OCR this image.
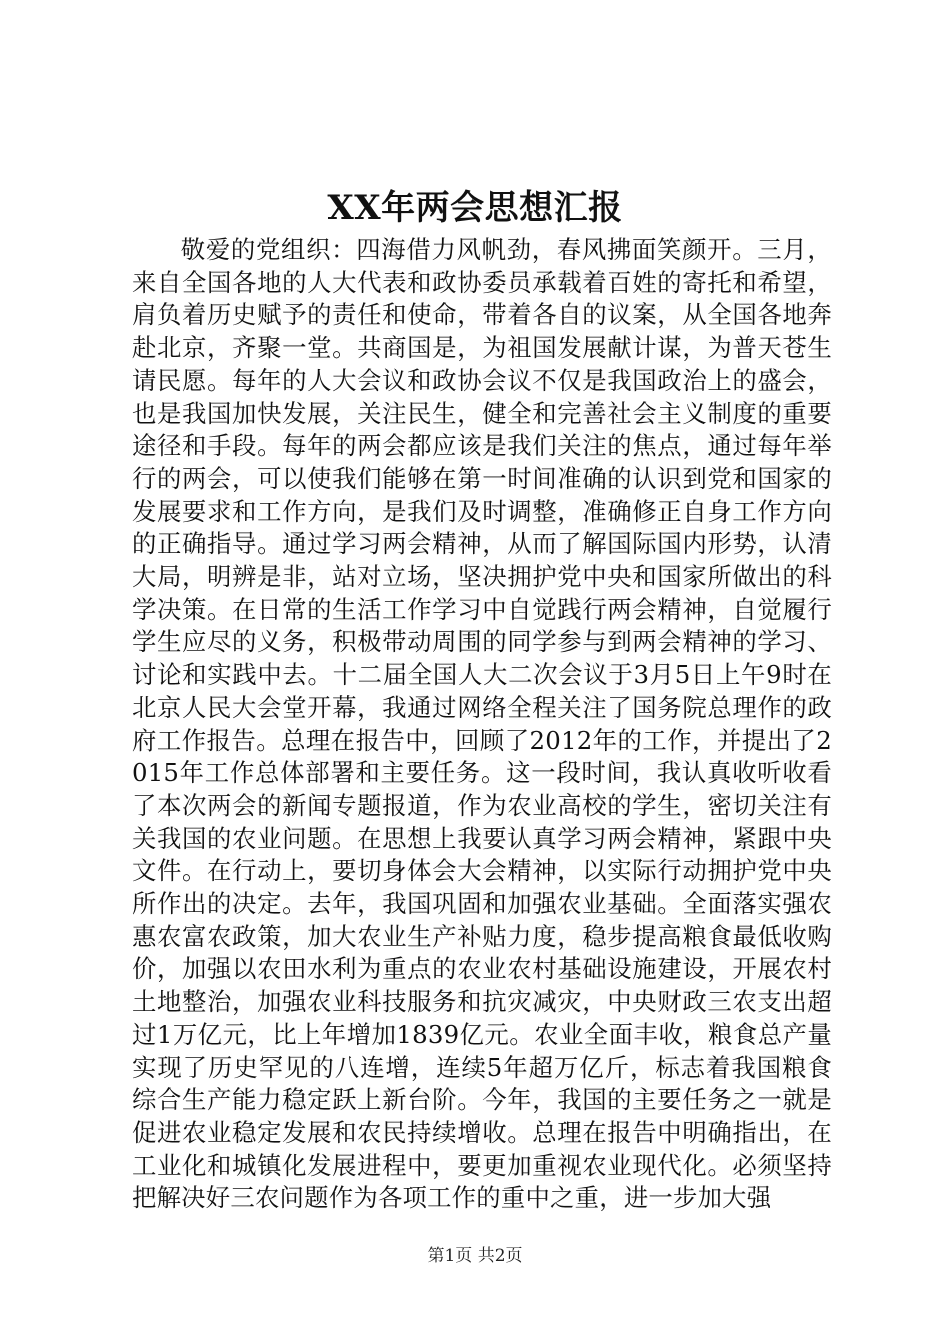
XX年两会思想汇报

敬爱的党组织：四海借力风帆劲，春风拂面笑颜开。三月，来自全国各地的人大代表和政协委员承载着百姓的寄托和希望，肩负着历史赋予的责任和使命，带着各自的议案，从全国各地奔赴北京，齐聚一堂。共商国是，为祖国发展献计谋，为普天苍生请民愿。每年的人大会议和政协会议不仅是我国政治上的盛会，也是我国加快发展，关注民生，健全和完善社会主义制度的重要途径和手段。每年的两会都应该是我们关注的焦点，通过每年举行的两会，可以使我们能够在第一时间准确的认识到党和国家的发展要求和工作方向，是我们及时调整，准确修正自身工作方向的正确指导。通过学习两会精神，从而了解国际国内形势，认清大局，明辨是非，站对立场，坚决拥护党中央和国家所做出的科学决策。在日常的生活工作学习中自觉践行两会精神，自觉履行学生应尽的义务，积极带动周围的同学参与到两会精神的学习、讨论和实践中去。十二届全国人大二次会议于3月5日上午9时在北京人民大会堂开幕，我通过网络全程关注了国务院总理作的政府工作报告。总理在报告中，回顾了2012年的工作，并提出了2015年工作总体部署和主要任务。这一段时间，我认真收听收看了本次两会的新闻专题报道，作为农业高校的学生，密切关注有关我国的农业问题。在思想上我要认真学习两会精神，紧跟中央文件。在行动上，要切身体会大会精神，以实际行动拥护党中央所作出的决定。去年，我国巩固和加强农业基础。全面落实强农惠农富农政策，加大农业生产补贴力度，稳步提高粮食最低收购价，加强以农田水利为重点的农业农村基础设施建设，开展农村土地整治，加强农业科技服务和抗灾减灾，中央财政三农支出超过1万亿元，比上年增加1839亿元。农业全面丰收，粮食总产量实现了历史罕见的八连增，连续5年超万亿斤，标志着我国粮食综合生产能力稳定跃上新台阶。今年，我国的主要任务之一就是促进农业稳定发展和农民持续增收。总理在报告中明确指出，在工业化和城镇化发展进程中，要更加重视农业现代化。必须坚持把解决好三农问题作为各项工作的重中之重，进一步加大强

第1页 共2页
